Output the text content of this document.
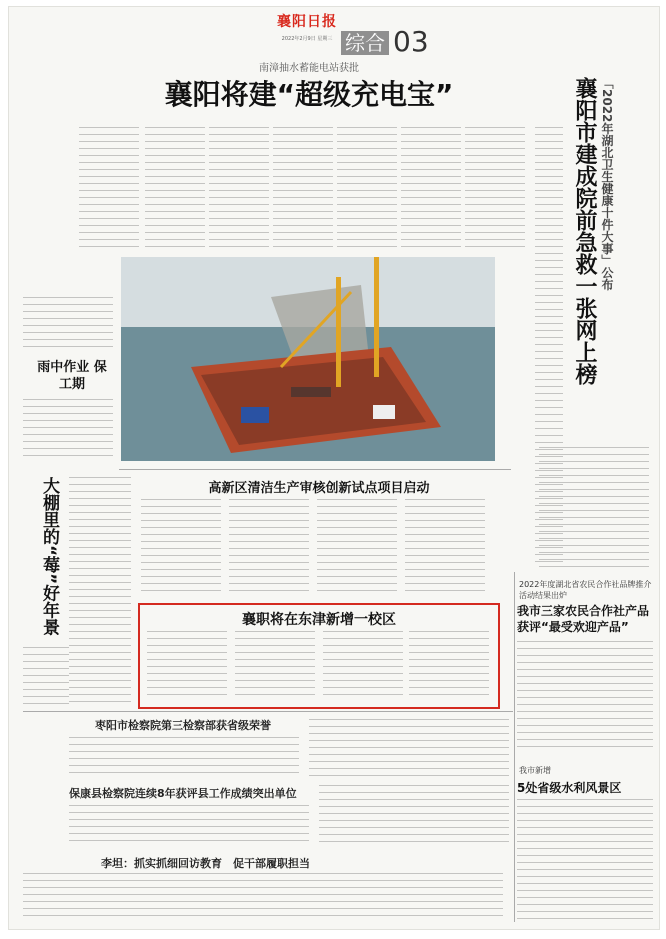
襄阳日报
2022年2月9日 星期三 综合 03
南漳抽水蓄能电站获批
襄阳将建“超级充电宝”	「2022年湖北卫生健康十件大事」公布
襄阳市建成院前急救一张网上榜
雨中作业 保工期
大棚里的“莓”好年景	高新区清洁生产审核创新试点项目启动
襄职将在东津新增一校区
枣阳市检察院第三检察部获省级荣誉
保康县检察院连续8年获评县工作成绩突出单位
李坦：抓实抓细回访教育　促干部履职担当
2022年度湖北省农民合作社品牌推介活动结果出炉
我市三家农民合作社产品获评“最受欢迎产品”
我市新增
5处省级水利风景区
